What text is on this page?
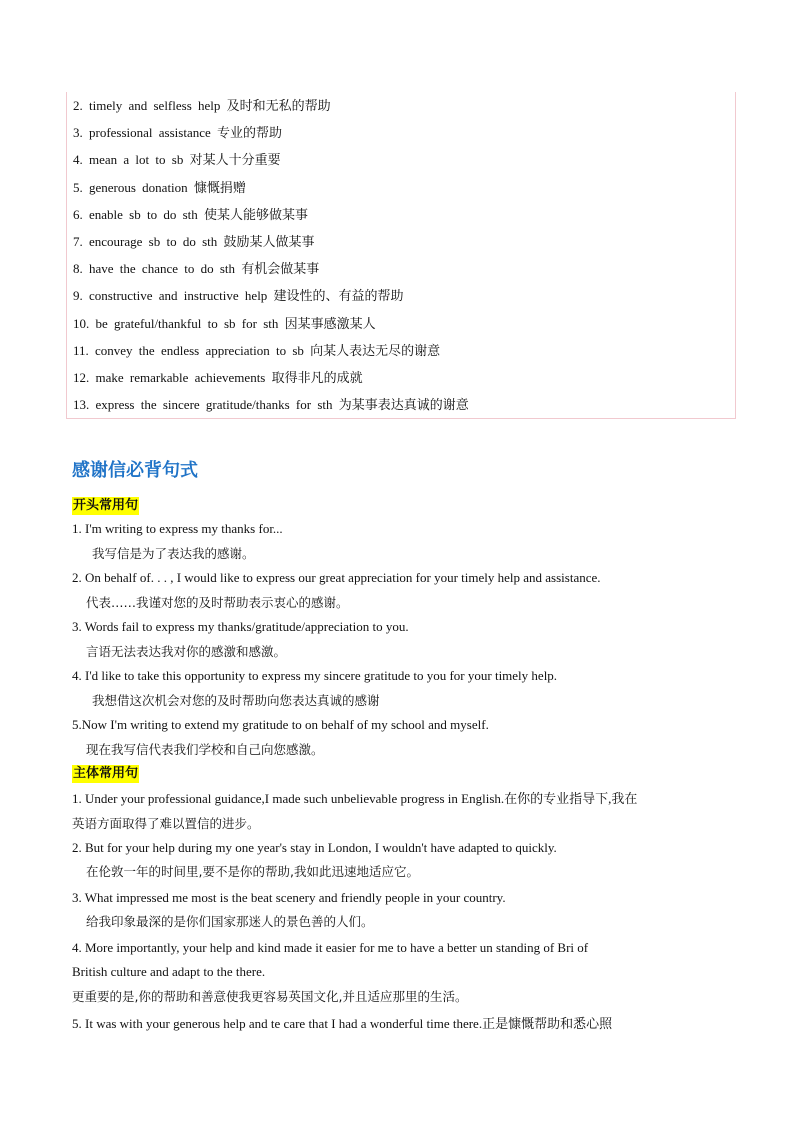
2. timely and selfless help 及时和无私的帮助
3. professional assistance 专业的帮助
4. mean a lot to sb 对某人十分重要
5. generous donation 慷慨捐赠
6. enable sb to do sth 使某人能够做某事
7. encourage sb to do sth 鼓励某人做某事
8. have the chance to do sth 有机会做某事
9. constructive and instructive help 建设性的、有益的帮助
10. be grateful/thankful to sb for sth 因某事感激某人
11. convey the endless appreciation to sb 向某人表达无尽的谢意
12. make remarkable achievements 取得非凡的成就
13. express the sincere gratitude/thanks for sth 为某事表达真诚的谢意
感谢信必背句式
开头常用句
1. I'm writing to express my thanks for...
我写信是为了表达我的感谢。
2. On behalf of. . . , I would like to express our great appreciation for your timely help and assistance.
代表……我谨对您的及时帮助表示衷心的感谢。
3. Words fail to express my thanks/gratitude/appreciation to you.
言语无法表达我对你的感激和感激。
4. I'd like to take this opportunity to express my sincere gratitude to you for your timely help.
我想借这次机会对您的及时帮助向您表达真诚的感谢
5.Now I'm writing to extend my gratitude to on behalf of my school and myself.
现在我写信代表我们学校和自己向您感激。
主体常用句
1. Under your professional guidance,I made such unbelievable progress in English.在你的专业指导下,我在
英语方面取得了难以置信的进步。
2. But for your help during my one year's stay in London, I wouldn't have adapted to quickly.
在伦敦一年的时间里,要不是你的帮助,我如此迅速地适应它。
3. What impressed me most is the beat scenery and friendly people in your country.
给我印象最深的是你们国家那迷人的景色善的人们。
4. More importantly, your help and kind made it easier for me to have a better un standing of Bri of
British culture and adapt to the there.
更重要的是,你的帮助和善意使我更容易英国文化,并且适应那里的生活。
5. It was with your generous help and te care that I had a wonderful time there.正是慷慨帮助和悉心照
